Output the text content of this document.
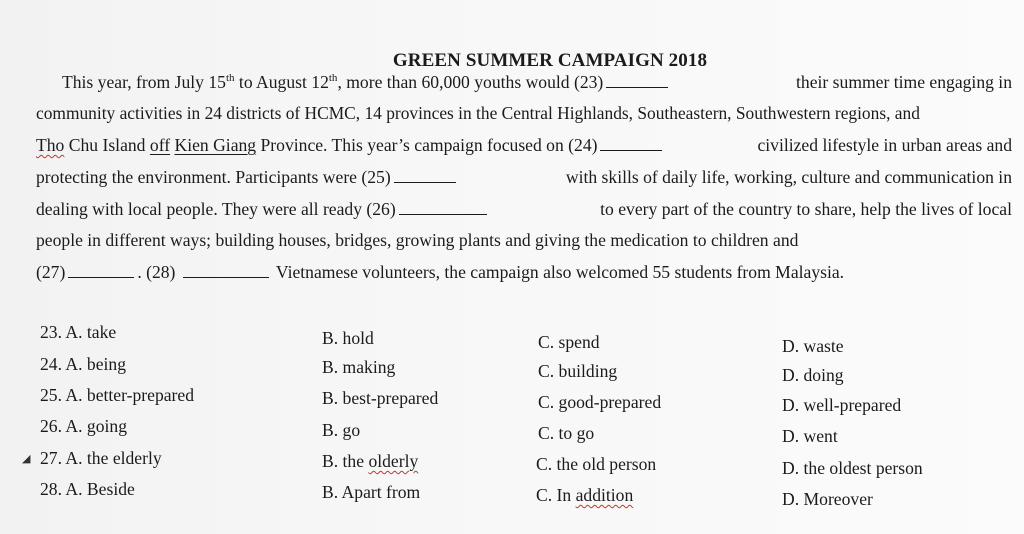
GREEN SUMMER CAMPAIGN 2018
This year, from July 15th to August 12th, more than 60,000 youths would (23)	their summer time engaging in
community activities in 24 districts of HCMC, 14 provinces in the Central Highlands, Southeastern, Southwestern regions, and
Tho Chu Island off Kien Giang Province. This year’s campaign focused on (24)	civilized lifestyle in urban areas and
protecting the environment. Participants were (25)	with skills of daily life, working, culture and communication in
dealing with local people. They were all ready (26)	to every part of the country to share, help the lives of local
people in different ways; building houses, bridges, growing plants and giving the medication to children and
(27)	. (28)	Vietnamese volunteers, the campaign also welcomed 55 students from Malaysia.
23. A. take	B. hold	C. spend	D. waste
24. A. being	B. making	C. building	D. doing
25. A. better-prepared	B. best-prepared	C. good-prepared	D. well-prepared
26. A. going	B. go	C. to go	D. went
◢ 27. A. the elderly	B. the olderly	C. the old person	D. the oldest person
28. A. Beside	B. Apart from	C. In addition	D. Moreover
